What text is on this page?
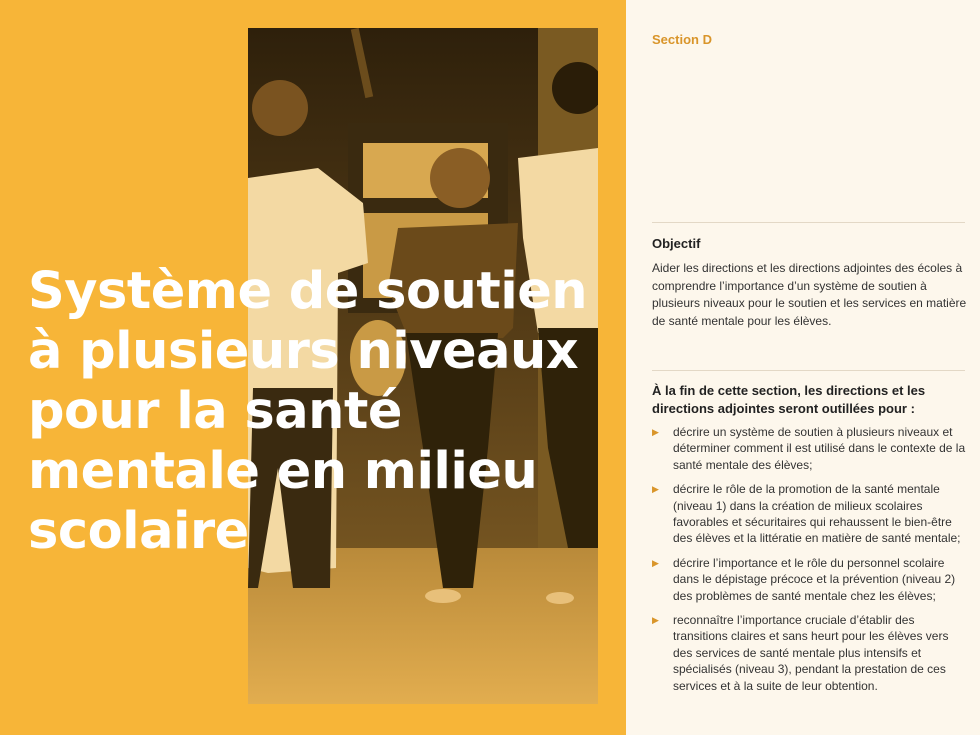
Système de soutien à plusieurs niveaux pour la santé mentale en milieu scolaire

Section D

Objectif

Aider les directions et les directions adjointes des écoles à comprendre l’importance d’un système de soutien à plusieurs niveaux pour le soutien et les services en matière de santé mentale pour les élèves.

À la fin de cette section, les directions et les directions adjointes seront outillées pour :
▶ décrire un système de soutien à plusieurs niveaux et déterminer comment il est utilisé dans le contexte de la santé mentale des élèves;
▶ décrire le rôle de la promotion de la santé mentale (niveau 1) dans la création de milieux scolaires favorables et sécuritaires qui rehaussent le bien-être des élèves et la littératie en matière de santé mentale;
▶ décrire l’importance et le rôle du personnel scolaire dans le dépistage précoce et la prévention (niveau 2) des problèmes de santé mentale chez les élèves;
▶ reconnaître l’importance cruciale d’établir des transitions claires et sans heurt pour les élèves vers des services de santé mentale plus intensifs et spécialisés (niveau 3), pendant la prestation de ces services et à la suite de leur obtention.
